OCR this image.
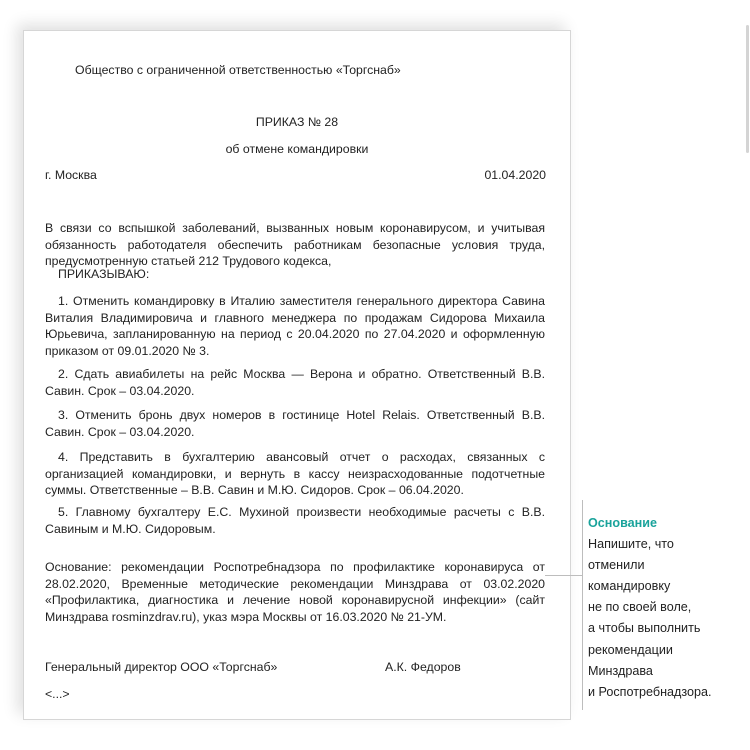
Общество с ограниченной ответственностью «Торгснаб»
ПРИКАЗ № 28
об отмене командировки
г. Москва	01.04.2020
В связи со вспышкой заболеваний, вызванных новым коронавирусом, и учитывая
обязанность работодателя обеспечить работникам безопасные условия труда,
предусмотренную статьей 212 Трудового кодекса,
ПРИКАЗЫВАЮ:
1. Отменить командировку в Италию заместителя генерального директора Савина
Виталия Владимировича и главного менеджера по продажам Сидорова Михаила
Юрьевича, запланированную на период с 20.04.2020 по 27.04.2020 и оформленную
приказом от 09.01.2020 № 3.
2. Сдать авиабилеты на рейс Москва — Верона и обратно. Ответственный В.В.
Савин. Срок – 03.04.2020.
3. Отменить бронь двух номеров в гостинице Hotel Relais. Ответственный В.В.
Савин. Срок – 03.04.2020.
4. Представить в бухгалтерию авансовый отчет о расходах, связанных с
организацией командировки, и вернуть в кассу неизрасходованные подотчетные
суммы. Ответственные – В.В. Савин и М.Ю. Сидоров. Срок – 06.04.2020.
5. Главному бухгалтеру Е.С. Мухиной произвести необходимые расчеты с В.В.
Савиным и М.Ю. Сидоровым.
Основание: рекомендации Роспотребнадзора по профилактике коронавируса от
28.02.2020, Временные методические рекомендации Минздрава от 03.02.2020
«Профилактика, диагностика и лечение новой коронавирусной инфекции» (сайт
Минздрава rosminzdrav.ru), указ мэра Москвы от 16.03.2020 № 21-УМ.
Генеральный директор ООО «Торгснаб»	А.К. Федоров
<...>
Основание
Напишите, что
отменили
командировку
не по своей воле,
а чтобы выполнить
рекомендации
Минздрава
и Роспотребнадзора.
